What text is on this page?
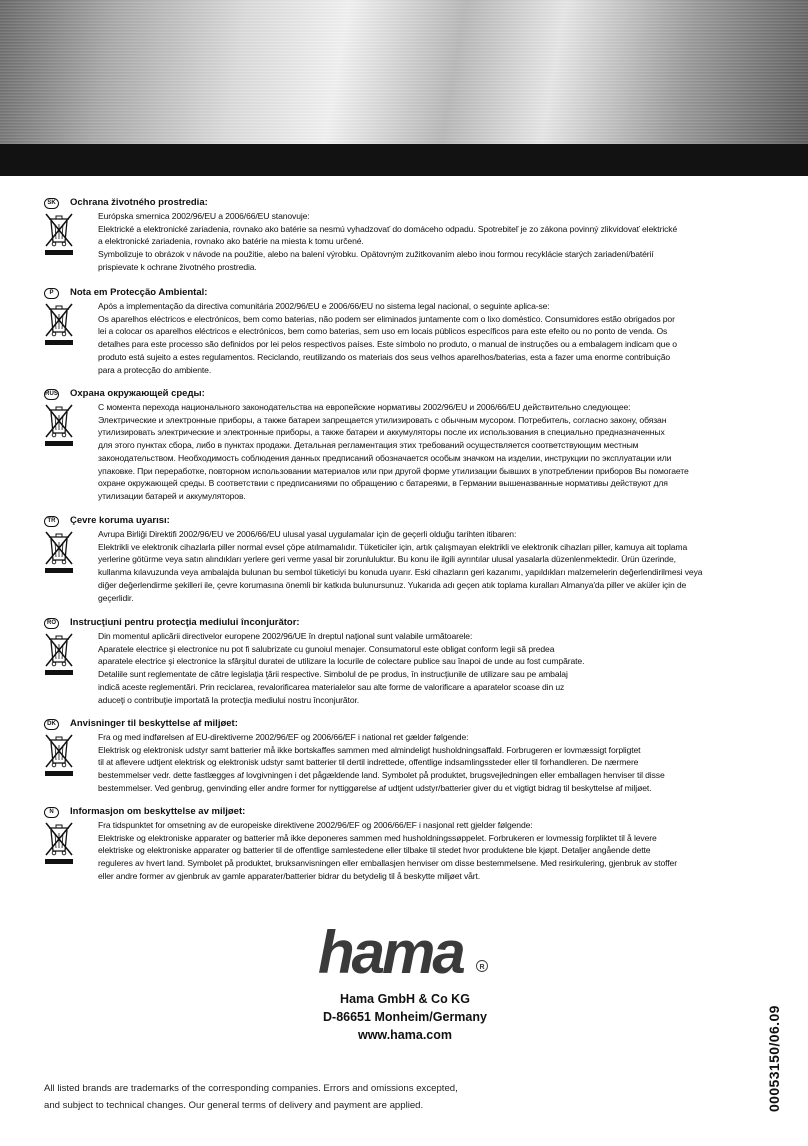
SK	Ochrana životného prostredia:
Európska smernica 2002/96/EU a 2006/66/EU stanovuje:
Elektrické a elektronické zariadenia, rovnako ako batérie sa nesmú vyhadzovať do domáceho odpadu. Spotrebiteľ je zo zákona povinný zlikvidovať elektrické
a elektronické zariadenia, rovnako ako batérie na miesta k tomu určené.
Symbolizuje to obrázok v návode na použitie, alebo na balení výrobku. Opätovným zužitkovaním alebo inou formou recyklácie starých zariadení/batérií
prispievate k ochrane životného prostredia.
P	Nota em Protecção Ambiental:
Após a implementação da directiva comunitária 2002/96/EU e 2006/66/EU no sistema legal nacional, o seguinte aplica-se:
Os aparelhos eléctricos e electrónicos, bem como baterias, não podem ser eliminados juntamente com o lixo doméstico. Consumidores estão obrigados por
lei a colocar os aparelhos eléctricos e electrónicos, bem como baterias, sem uso em locais públicos específicos para este efeito ou no ponto de venda. Os
detalhes para este processo são definidos por lei pelos respectivos países. Este símbolo no produto, o manual de instruções ou a embalagem indicam que o
produto está sujeito a estes regulamentos. Reciclando, reutilizando os materiais dos seus velhos aparelhos/baterias, esta a fazer uma enorme contribuição
para a protecção do ambiente.
RUS Охрана окружающей среды:
С момента перехода национального законодательства на европейские нормативы 2002/96/EU и 2006/66/EU действительно следующее:
Электрические и электронные приборы, а также батареи запрещается утилизировать с обычным мусором. Потребитель, согласно закону, обязан
утилизировать электрические и электронные приборы, а также батареи и аккумуляторы после их использования в специально предназначенных
для этого пунктах сбора, либо в пунктах продажи. Детальная регламентация этих требований осуществляется соответствующим местным
законодательством. Необходимость соблюдения данных предписаний обозначается особым значком на изделии, инструкции по эксплуатации или
упаковке. При переработке, повторном использовании материалов или при другой форме утилизации бывших в употреблении приборов Вы помогаете
охране окружающей среды. В соответствии с предписаниями по обращению с батареями, в Германии вышеназванные нормативы действуют для
утилизации батарей и аккумуляторов.
TR	Çevre koruma uyarısı:
Avrupa Birliği Direktifi 2002/96/EU ve 2006/66/EU ulusal yasal uygulamalar için de geçerli olduğu tarihten itibaren:
Elektrikli ve elektronik cihazlarla piller normal evsel çöpe atılmamalıdır. Tüketiciler için, artık çalışmayan elektrikli ve elektronik cihazları piller, kamuya ait toplama
yerlerine götürme veya satın alındıkları yerlere geri verme yasal bir zorunluluktur. Bu konu ile ilgili ayrıntılar ulusal yasalarla düzenlenmektedir. Ürün üzerinde,
kullanma kılavuzunda veya ambalajda bulunan bu sembol tüketiciyi bu konuda uyarır. Eski cihazların geri kazanımı, yapıldıkları malzemelerin değerlendirilmesi veya
diğer değerlendirme şekilleri ile, çevre korumasına önemli bir katkıda bulunursunuz. Yukarıda adı geçen atık toplama kuralları Almanya'da piller ve aküler için de
geçerlidir.
RO	Instrucţiuni pentru protecţia mediului înconjurător:
Din momentul aplicării directivelor europene 2002/96/UE în dreptul naţional sunt valabile următoarele:
Aparatele electrice şi electronice nu pot fi salubrizate cu gunoiul menajer. Consumatorul este obligat conform legii să predea
aparatele electrice şi electronice la sfârşitul duratei de utilizare la locurile de colectare publice sau înapoi de unde au fost cumpărate.
Detaliile sunt reglementate de către legislaţia ţării respective. Simbolul de pe produs, în instrucţiunile de utilizare sau pe ambalaj
indică aceste reglementări. Prin reciclarea, revalorificarea materialelor sau alte forme de valorificare a aparatelor scoase din uz
aduceţi o contribuţie importată la protecţia mediului nostru înconjurător.
DK	Anvisninger til beskyttelse af miljøet:
Fra og med indførelsen af EU-direktiverne 2002/96/EF og 2006/66/EF i national ret gælder følgende:
Elektrisk og elektronisk udstyr samt batterier må ikke bortskaffes sammen med almindeligt husholdningsaffald. Forbrugeren er lovmæssigt forpligtet
til at aflevere udtjent elektrisk og elektronisk udstyr samt batterier til dertil indrettede, offentlige indsamlingssteder eller til forhandleren. De nærmere
bestemmelser vedr. dette fastlægges af lovgivningen i det pågældende land. Symbolet på produktet, brugsvejledningen eller emballagen henviser til disse
bestemmelser. Ved genbrug, genvinding eller andre former for nyttiggørelse af udtjent udstyr/batterier giver du et vigtigt bidrag til beskyttelse af miljøet.
N	Informasjon om beskyttelse av miljøet:
Fra tidspunktet for omsetning av de europeiske direktivene 2002/96/EF og 2006/66/EF i nasjonal rett gjelder følgende:
Elektriske og elektroniske apparater og batterier må ikke deponeres sammen med husholdningssøppelet. Forbrukeren er lovmessig forpliktet til å levere
elektriske og elektroniske apparater og batterier til de offentlige samlestedene eller tilbake til stedet hvor produktene ble kjøpt. Detaljer angående dette
reguleres av hvert land. Symbolet på produktet, bruksanvisningen eller emballasjen henviser om disse bestemmelsene. Med resirkulering, gjenbruk av stoffer
eller andre former av gjenbruk av gamle apparater/batterier bidrar du betydelig til å beskytte miljøet vårt.
hama R
Hama GmbH & Co KG
D-86651 Monheim/Germany
www.hama.com	00053150/06.09
All listed brands are trademarks of the corresponding companies. Errors and omissions excepted,
and subject to technical changes. Our general terms of delivery and payment are applied.
